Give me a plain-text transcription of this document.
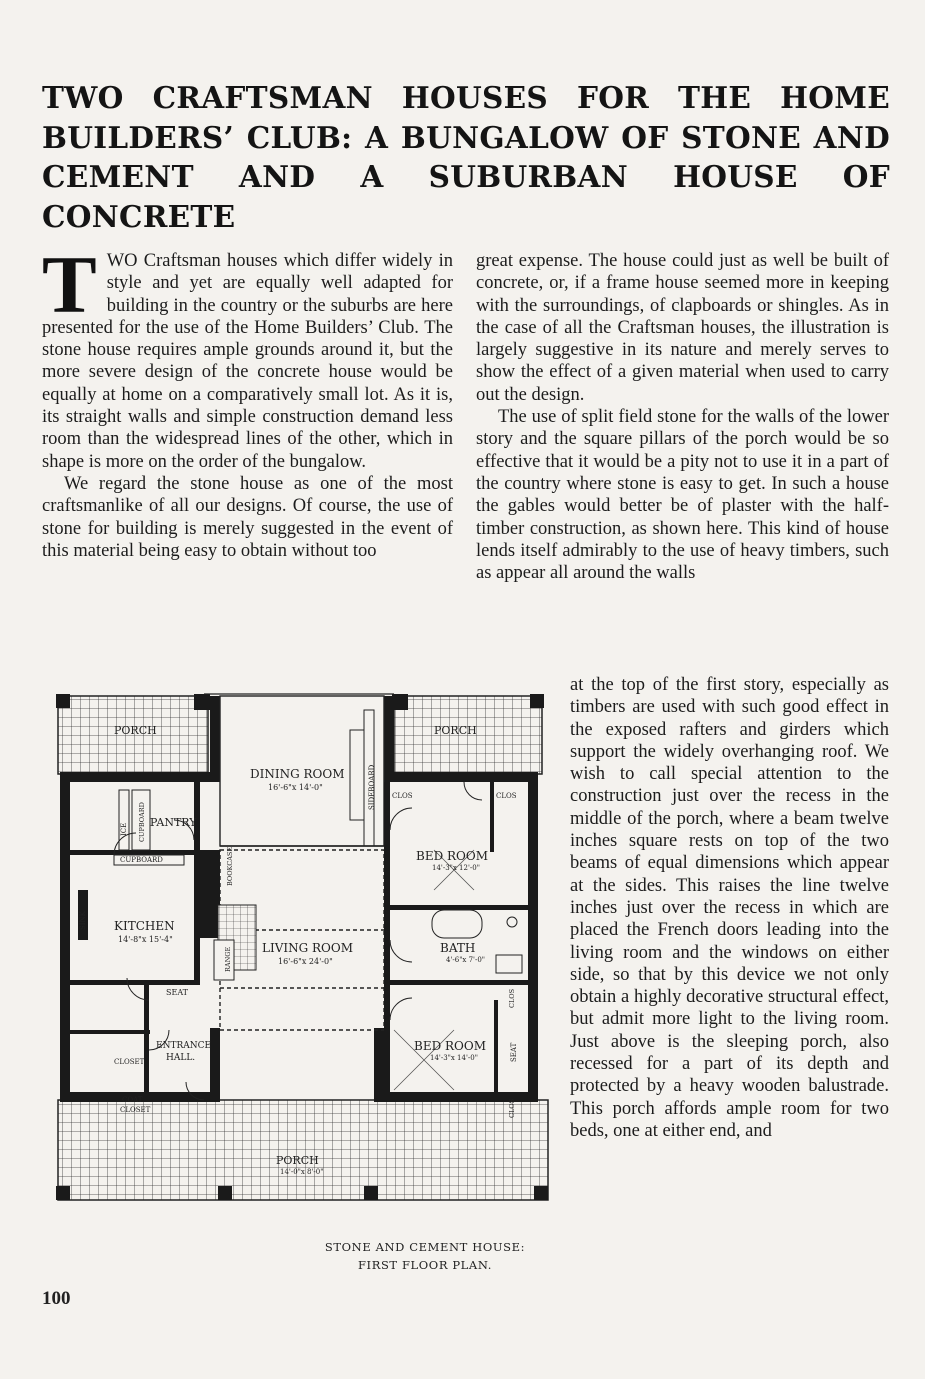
TWO CRAFTSMAN HOUSES FOR THE HOME BUILDERS’ CLUB: A BUNGALOW OF STONE AND CEMENT AND A SUBURBAN HOUSE OF CONCRETE

TWO Craftsman houses which differ widely in style and yet are equally well adapted for building in the country or the suburbs are here presented for the use of the Home Builders’ Club. The stone house requires ample grounds around it, but the more severe design of the concrete house would be equally at home on a comparatively small lot. As it is, its straight walls and simple construction demand less room than the widespread lines of the other, which in shape is more on the order of the bungalow.

We regard the stone house as one of the most craftsmanlike of all our designs. Of course, the use of stone for building is merely suggested in the event of this material being easy to obtain without too

great expense. The house could just as well be built of concrete, or, if a frame house seemed more in keeping with the surroundings, of clapboards or shingles. As in the case of all the Craftsman houses, the illustration is largely suggestive in its nature and merely serves to show the effect of a given material when used to carry out the design.

The use of split field stone for the walls of the lower story and the square pillars of the porch would be so effective that it would be a pity not to use it in a part of the country where stone is easy to get. In such a house the gables would better be of plaster with the half-timber construction, as shown here. This kind of house lends itself admirably to the use of heavy timbers, such as appear all around the walls

at the top of the first story, especially as timbers are used with such good effect in the exposed rafters and girders which support the widely overhanging roof. We wish to call special attention to the construction just over the recess in the middle of the porch, where a beam twelve inches square rests on top of the two beams of equal dimensions which appear at the sides. This raises the line twelve inches just over the recess in which are placed the French doors leading into the living room and the windows on either side, so that by this device we not only obtain a highly decorative structural effect, but admit more light to the living room. Just above is the sleeping porch, also recessed for a part of its depth and protected by a heavy wooden balustrade. This porch affords ample room for two beds, one at either end, and

PORCH	PORCH
DINING ROOM
16'-6"x 14'-0"	SIDEBOARD
PANTRY
ICE CUPBOARD
CUPBOARD
KITCHEN
14'-8"x 15'-4"
SINK
RANGE
BOOKCASE
LIVING ROOM
16'-6"x 24'-0"
SEAT
ENTRANCE
HALL.
CLOSET
COAT
CLOSET
CLOS	CLOS
CLOS
CLOS
BED ROOM
14'-3"x 12'-0"
BATH
4'-6"x 7'-0"
BED ROOM
14'-3"x 14'-0"	SEAT
PORCH
14'-0"x 8'-0"
STONE AND CEMENT HOUSE:
FIRST FLOOR PLAN.
100
